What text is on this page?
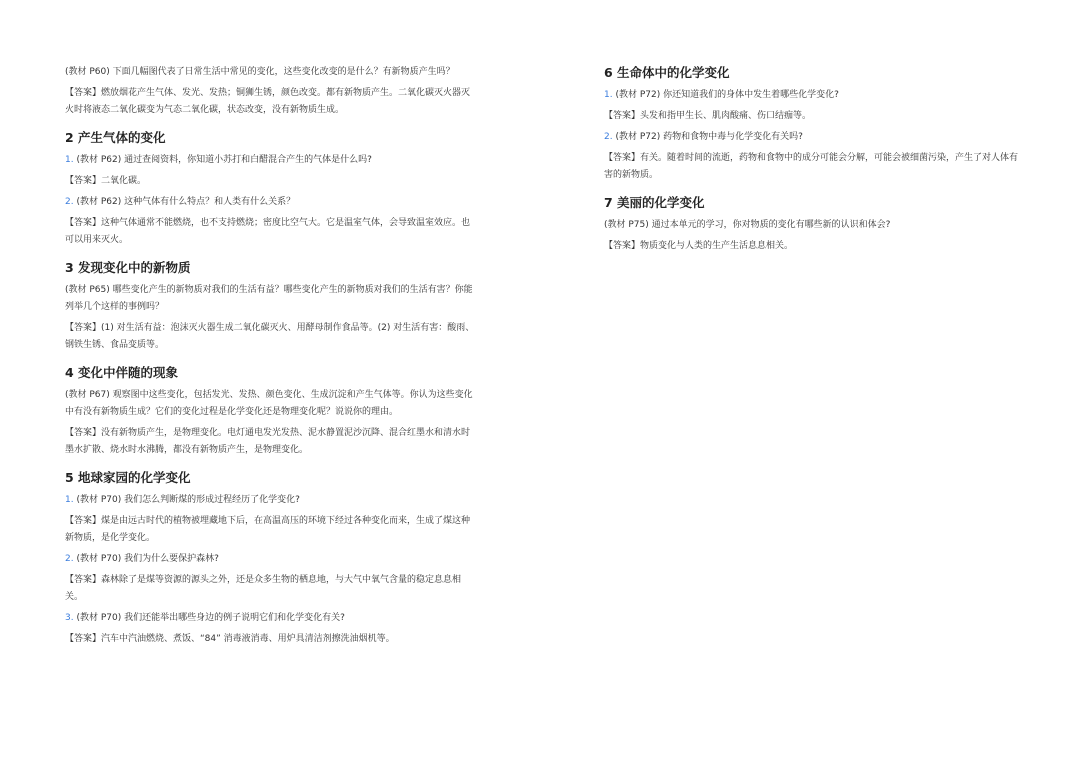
(教材 P60) 下面几幅图代表了日常生活中常见的变化，这些变化改变的是什么？有新物质产生吗？

【答案】燃放烟花产生气体、发光、发热；铜狮生锈，颜色改变。都有新物质产生。二氧化碳灭火器灭火时将液态二氧化碳变为气态二氧化碳，状态改变，没有新物质生成。

2 产生气体的变化

1. (教材 P62) 通过查阅资料，你知道小苏打和白醋混合产生的气体是什么吗?

【答案】二氧化碳。

2. (教材 P62) 这种气体有什么特点？和人类有什么关系？

【答案】这种气体通常不能燃烧，也不支持燃烧；密度比空气大。它是温室气体，会导致温室效应。也可以用来灭火。

3 发现变化中的新物质

(教材 P65) 哪些变化产生的新物质对我们的生活有益？哪些变化产生的新物质对我们的生活有害？你能列举几个这样的事例吗？

【答案】(1) 对生活有益：泡沫灭火器生成二氧化碳灭火、用酵母制作食品等。(2) 对生活有害：酸雨、钢铁生锈、食品变质等。

4 变化中伴随的现象

(教材 P67) 观察图中这些变化，包括发光、发热、颜色变化、生成沉淀和产生气体等。你认为这些变化中有没有新物质生成？它们的变化过程是化学变化还是物理变化呢？说说你的理由。

【答案】没有新物质产生，是物理变化。电灯通电发光发热、泥水静置泥沙沉降、混合红墨水和清水时墨水扩散、烧水时水沸腾，都没有新物质产生，是物理变化。

5 地球家园的化学变化

1. (教材 P70) 我们怎么判断煤的形成过程经历了化学变化?

【答案】煤是由远古时代的植物被埋藏地下后，在高温高压的环境下经过各种变化而来，生成了煤这种新物质，是化学变化。

2. (教材 P70) 我们为什么要保护森林?

【答案】森林除了是煤等资源的源头之外，还是众多生物的栖息地，与大气中氧气含量的稳定息息相关。

3. (教材 P70) 我们还能举出哪些身边的例子说明它们和化学变化有关?

【答案】汽车中汽油燃烧、煮饭、“84” 消毒液消毒、用炉具清洁剂擦洗油烟机等。

6 生命体中的化学变化

1. (教材 P72) 你还知道我们的身体中发生着哪些化学变化?

【答案】头发和指甲生长、肌肉酸痛、伤口结痂等。

2. (教材 P72) 药物和食物中毒与化学变化有关吗?

【答案】有关。随着时间的流逝，药物和食物中的成分可能会分解，可能会被细菌污染，产生了对人体有害的新物质。

7 美丽的化学变化

(教材 P75) 通过本单元的学习，你对物质的变化有哪些新的认识和体会?

【答案】物质变化与人类的生产生活息息相关。
